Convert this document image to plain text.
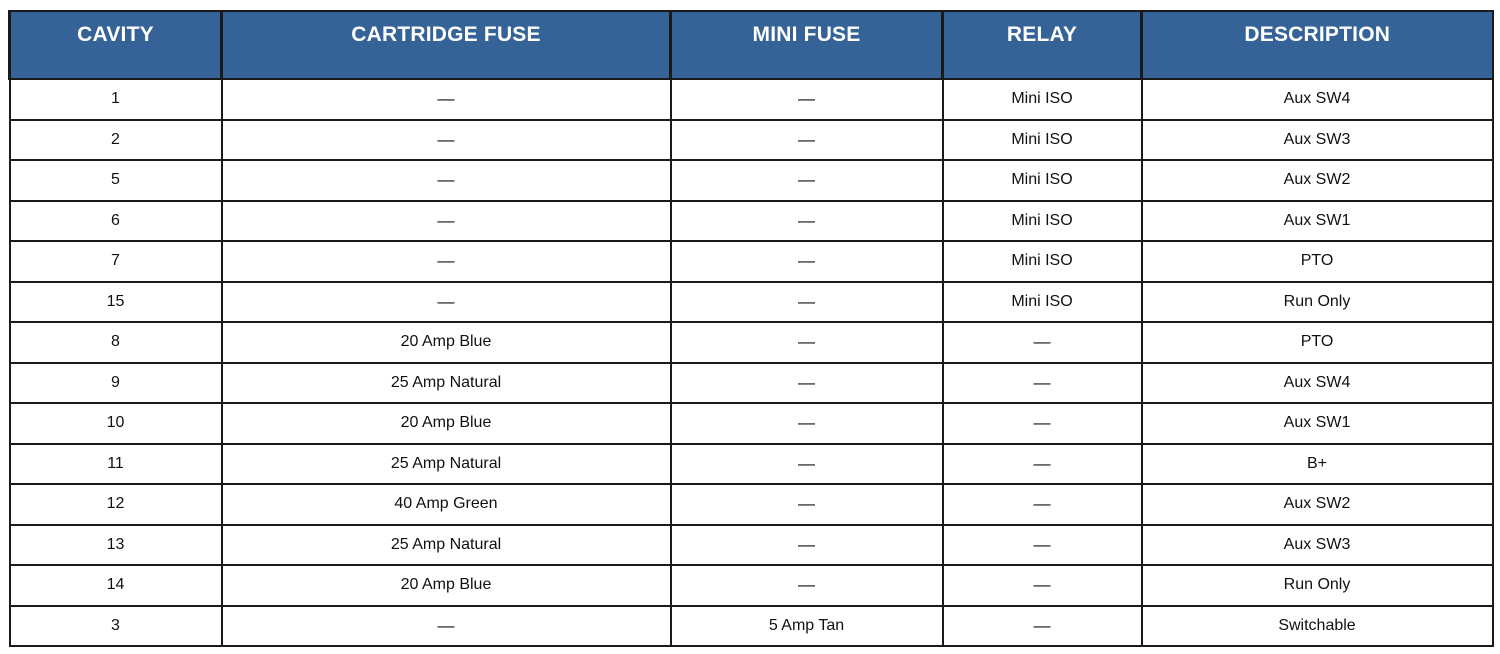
CAVITY	CARTRIDGE FUSE	MINI FUSE	RELAY	DESCRIPTION
1	—	—	Mini ISO	Aux SW4
2	—	—	Mini ISO	Aux SW3
5	—	—	Mini ISO	Aux SW2
6	—	—	Mini ISO	Aux SW1
7	—	—	Mini ISO	PTO
15	—	—	Mini ISO	Run Only
8	20 Amp Blue	—	—	PTO
9	25 Amp Natural	—	—	Aux SW4
10	20 Amp Blue	—	—	Aux SW1
11	25 Amp Natural	—	—	B+
12	40 Amp Green	—	—	Aux SW2
13	25 Amp Natural	—	—	Aux SW3
14	20 Amp Blue	—	—	Run Only
3	—	5 Amp Tan	—	Switchable
